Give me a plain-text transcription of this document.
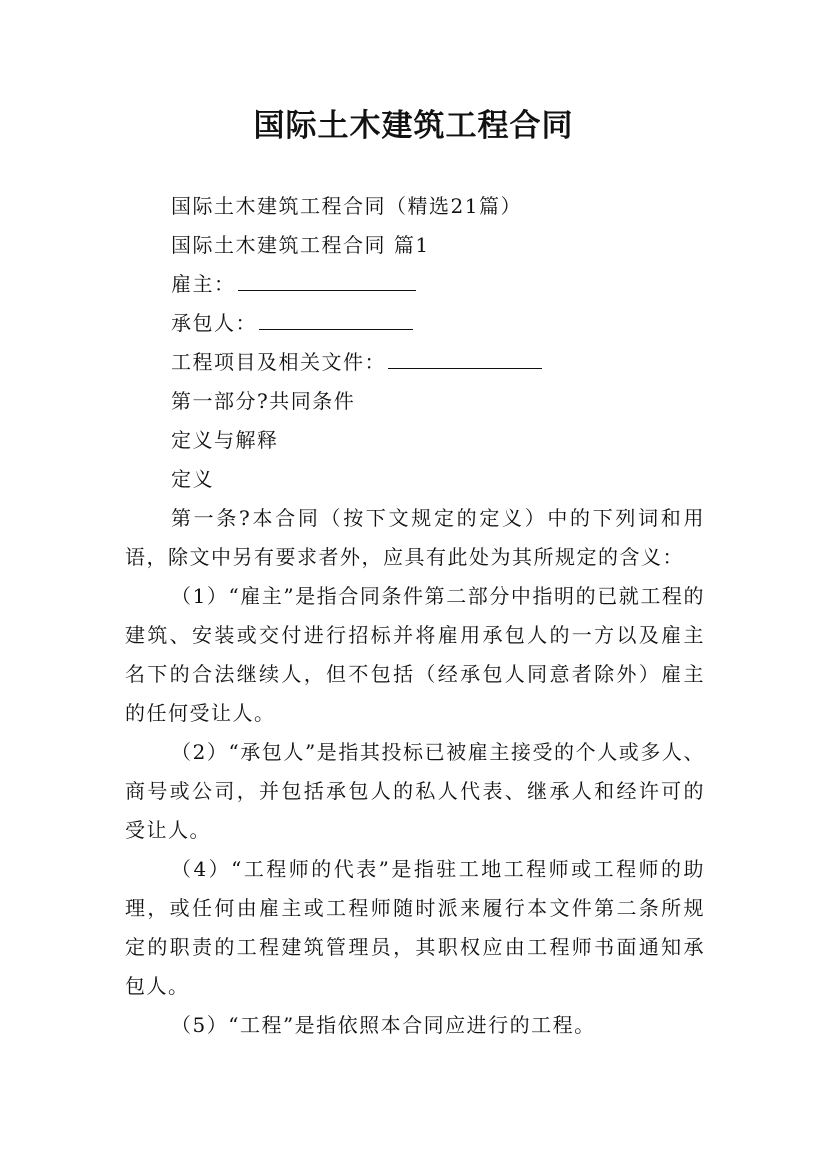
国际土木建筑工程合同
国际土木建筑工程合同（精选21篇）
国际土木建筑工程合同 篇1
雇主：
承包人：
工程项目及相关文件：
第一部分?共同条件
定义与解释
定义

第一条?本合同（按下文规定的定义）中的下列词和用语，除文中另有要求者外，应具有此处为其所规定的含义：

（1）“雇主”是指合同条件第二部分中指明的已就工程的建筑、安装或交付进行招标并将雇用承包人的一方以及雇主名下的合法继续人，但不包括（经承包人同意者除外）雇主的任何受让人。

（2）“承包人”是指其投标已被雇主接受的个人或多人、商号或公司，并包括承包人的私人代表、继承人和经许可的受让人。

（4）“工程师的代表”是指驻工地工程师或工程师的助理，或任何由雇主或工程师随时派来履行本文件第二条所规定的职责的工程建筑管理员，其职权应由工程师书面通知承包人。

（5）“工程”是指依照本合同应进行的工程。
